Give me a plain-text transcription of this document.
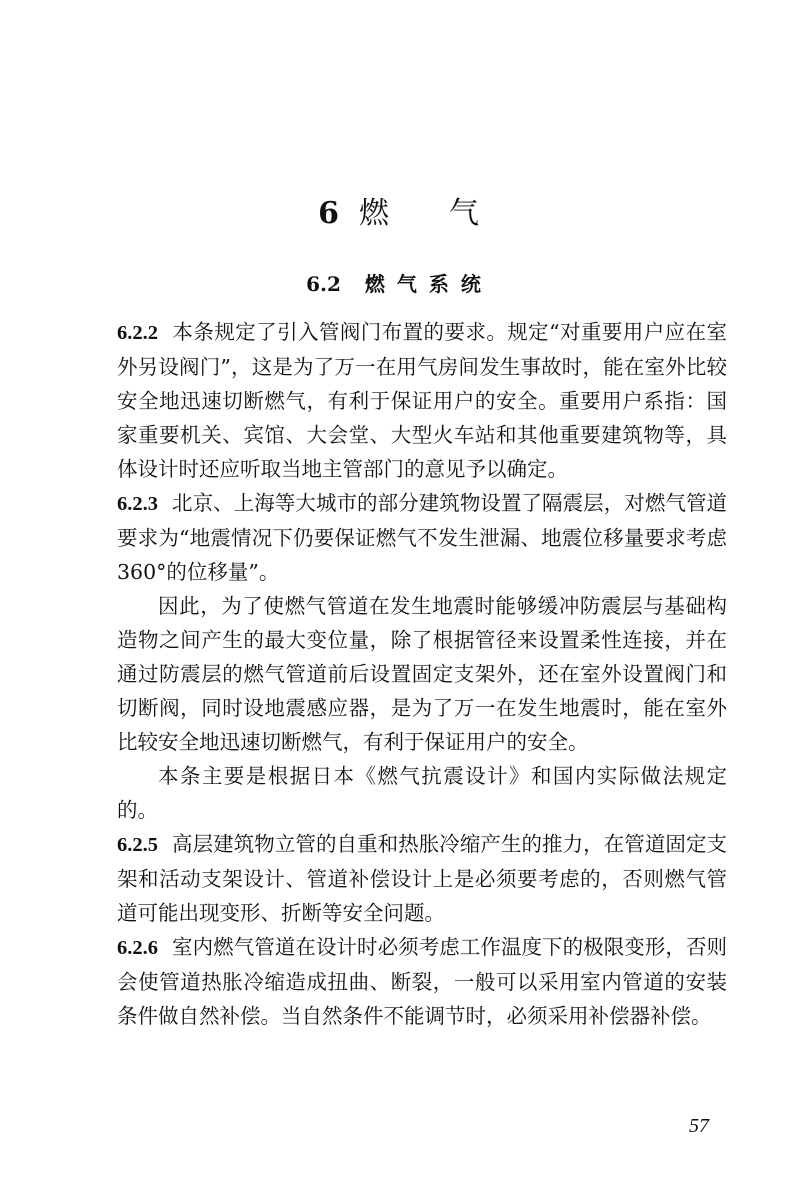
6 燃 气
6.2 燃气系统

6.2.2 本条规定了引入管阀门布置的要求。规定“对重要用户应在室外另设阀门”，这是为了万一在用气房间发生事故时，能在室外比较安全地迅速切断燃气，有利于保证用户的安全。重要用户系指：国家重要机关、宾馆、大会堂、大型火车站和其他重要建筑物等，具体设计时还应听取当地主管部门的意见予以确定。

6.2.3 北京、上海等大城市的部分建筑物设置了隔震层，对燃气管道要求为“地震情况下仍要保证燃气不发生泄漏、地震位移量要求考虑360°的位移量”。

因此，为了使燃气管道在发生地震时能够缓冲防震层与基础构造物之间产生的最大变位量，除了根据管径来设置柔性连接，并在通过防震层的燃气管道前后设置固定支架外，还在室外设置阀门和切断阀，同时设地震感应器，是为了万一在发生地震时，能在室外比较安全地迅速切断燃气，有利于保证用户的安全。

本条主要是根据日本《燃气抗震设计》和国内实际做法规定的。

6.2.5 高层建筑物立管的自重和热胀冷缩产生的推力，在管道固定支架和活动支架设计、管道补偿设计上是必须要考虑的，否则燃气管道可能出现变形、折断等安全问题。

6.2.6 室内燃气管道在设计时必须考虑工作温度下的极限变形，否则会使管道热胀冷缩造成扭曲、断裂，一般可以采用室内管道的安装条件做自然补偿。当自然条件不能调节时，必须采用补偿器补偿。

57
